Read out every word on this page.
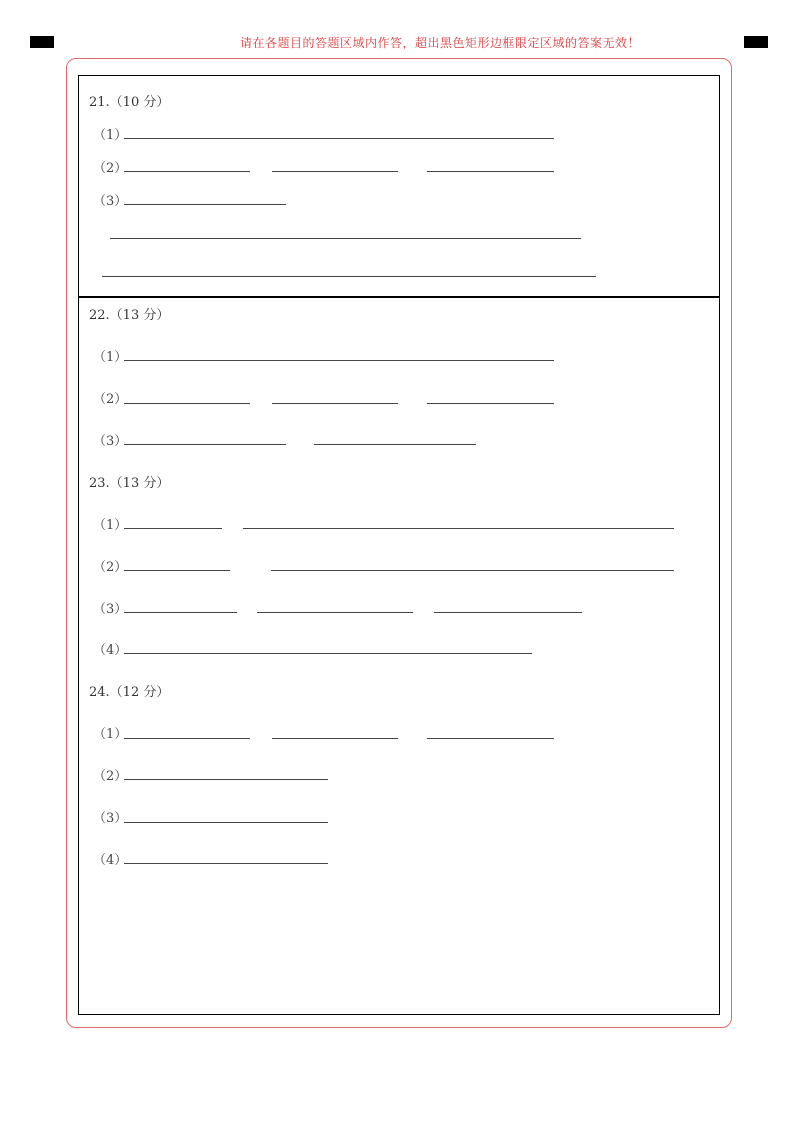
请在各题目的答题区域内作答，超出黑色矩形边框限定区域的答案无效！
21.（10 分）
（1）
（2）
（3）
22.（13 分）
（1）
（2）
（3）
23.（13 分）
（1）
（2）
（3）
（4）
24.（12 分）
（1）
（2）
（3）
（4）
